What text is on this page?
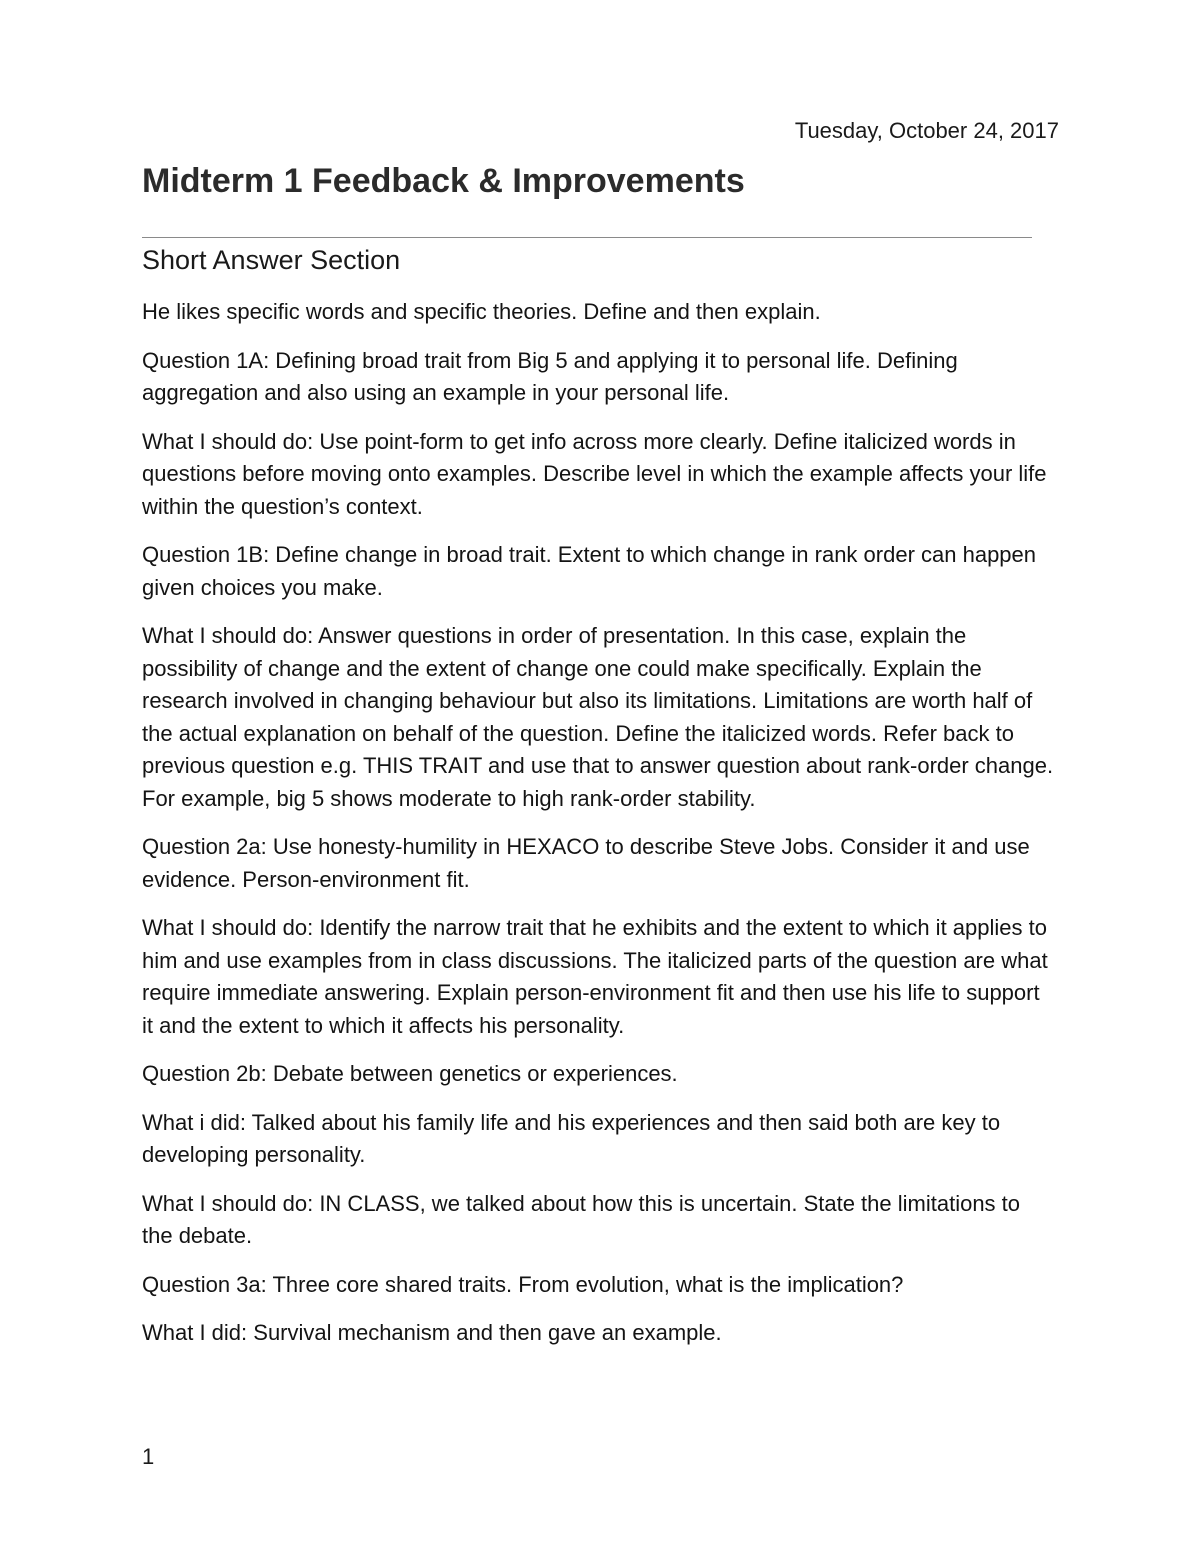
Tuesday, October 24, 2017
Midterm 1 Feedback & Improvements
Short Answer Section

He likes specific words and specific theories. Define and then explain.

Question 1A: Defining broad trait from Big 5 and applying it to personal life. Defining aggregation and also using an example in your personal life.

What I should do: Use point-form to get info across more clearly. Define italicized words in questions before moving onto examples. Describe level in which the example affects your life within the question’s context.

Question 1B: Define change in broad trait. Extent to which change in rank order can happen given choices you make.

What I should do: Answer questions in order of presentation. In this case, explain the possibility of change and the extent of change one could make specifically. Explain the research involved in changing behaviour but also its limitations. Limitations are worth half of the actual explanation on behalf of the question. Define the italicized words. Refer back to previous question e.g. THIS TRAIT and use that to answer question about rank-order change. For example, big 5 shows moderate to high rank-order stability.

Question 2a: Use honesty-humility in HEXACO to describe Steve Jobs. Consider it and use evidence. Person-environment fit.

What I should do: Identify the narrow trait that he exhibits and the extent to which it applies to him and use examples from in class discussions. The italicized parts of the question are what require immediate answering. Explain person-environment fit and then use his life to support it and the extent to which it affects his personality.

Question 2b: Debate between genetics or experiences.

What i did: Talked about his family life and his experiences and then said both are key to developing personality.

What I should do: IN CLASS, we talked about how this is uncertain. State the limitations to the debate.

Question 3a: Three core shared traits. From evolution, what is the implication?

What I did: Survival mechanism and then gave an example.

1
